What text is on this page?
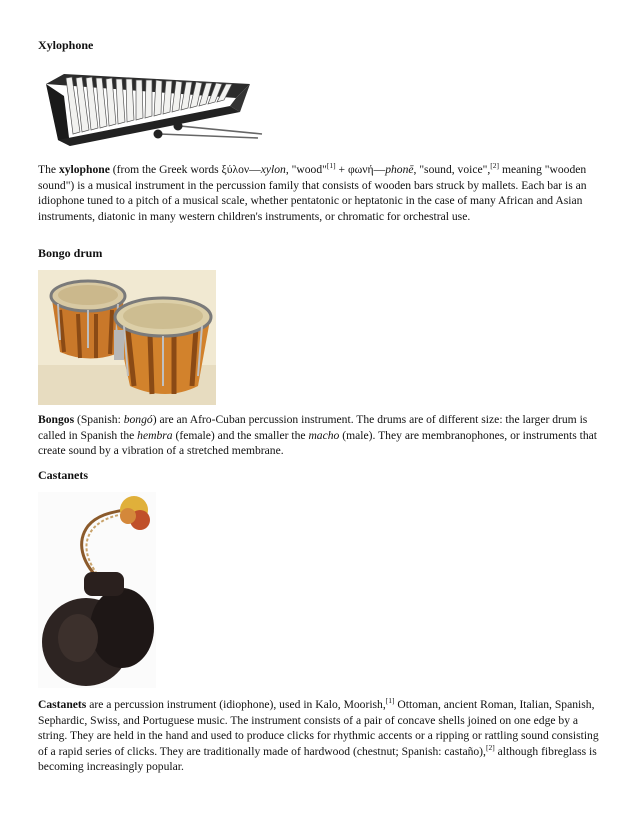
Xylophone

The xylophone (from the Greek words ξύλον—xylon, "wood"[1] + φωνή—phonē, "sound, voice",[2] meaning "wooden sound") is a musical instrument in the percussion family that consists of wooden bars struck by mallets. Each bar is an idiophone tuned to a pitch of a musical scale, whether pentatonic or heptatonic in the case of many African and Asian instruments, diatonic in many western children's instruments, or chromatic for orchestral use.

Bongo drum

Bongos (Spanish: bongó) are an Afro-Cuban percussion instrument. The drums are of different size: the larger drum is called in Spanish the hembra (female) and the smaller the macho (male). They are membranophones, or instruments that create sound by a vibration of a stretched membrane.

Castanets

Castanets are a percussion instrument (idiophone), used in Kalo, Moorish,[1] Ottoman, ancient Roman, Italian, Spanish, Sephardic, Swiss, and Portuguese music. The instrument consists of a pair of concave shells joined on one edge by a string. They are held in the hand and used to produce clicks for rhythmic accents or a ripping or rattling sound consisting of a rapid series of clicks. They are traditionally made of hardwood (chestnut; Spanish: castaño),[2] although fibreglass is becoming increasingly popular.
